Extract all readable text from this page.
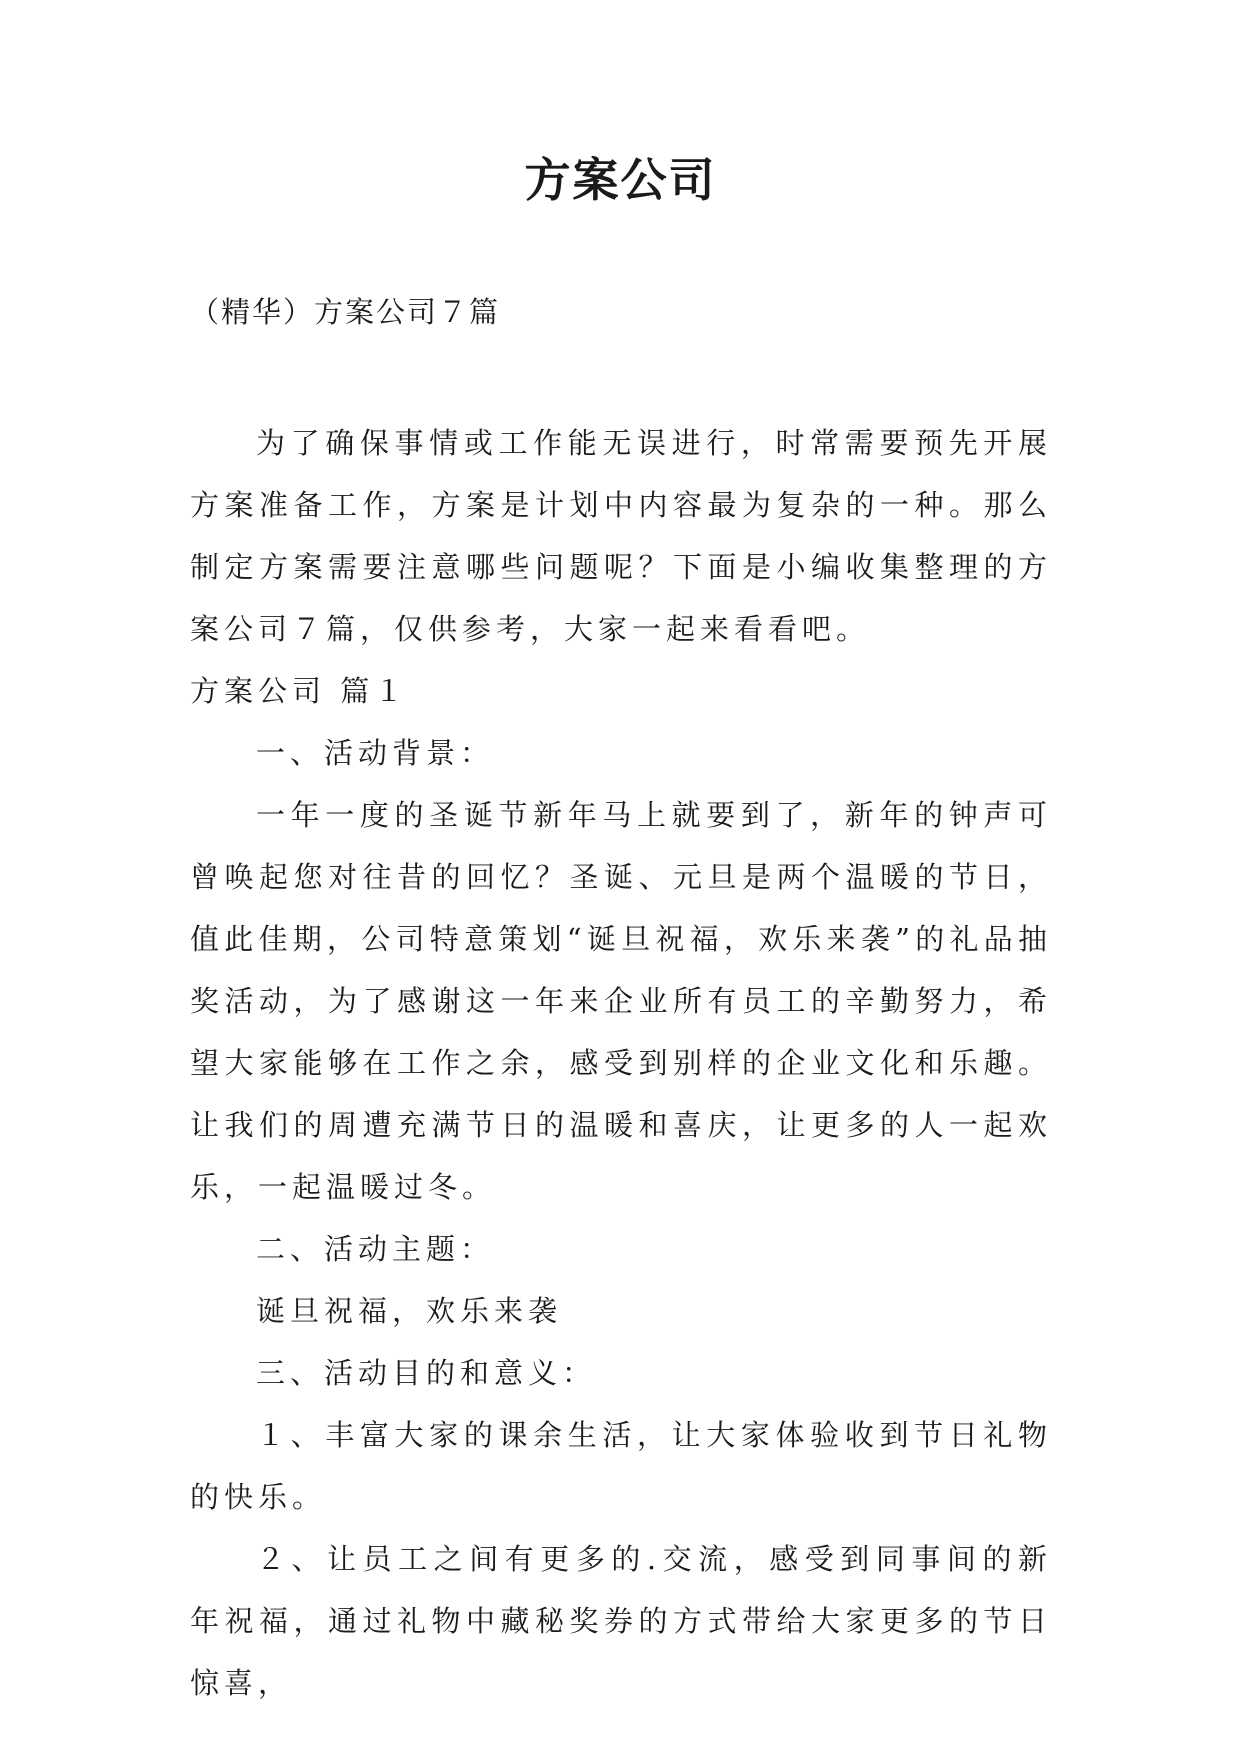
方案公司
（精华）方案公司７篇

为了确保事情或工作能无误进行，时常需要预先开展方案准备工作，方案是计划中内容最为复杂的一种。那么制定方案需要注意哪些问题呢？下面是小编收集整理的方案公司７篇，仅供参考，大家一起来看看吧。

方案公司 篇１

一、活动背景：

一年一度的圣诞节新年马上就要到了，新年的钟声可曾唤起您对往昔的回忆？圣诞、元旦是两个温暖的节日，值此佳期，公司特意策划“诞旦祝福，欢乐来袭”的礼品抽奖活动，为了感谢这一年来企业所有员工的辛勤努力，希望大家能够在工作之余，感受到别样的企业文化和乐趣。让我们的周遭充满节日的温暖和喜庆，让更多的人一起欢乐，一起温暖过冬。

二、活动主题：

诞旦祝福，欢乐来袭

三、活动目的和意义：

１、丰富大家的课余生活，让大家体验收到节日礼物的快乐。

２、让员工之间有更多的.交流，感受到同事间的新年祝福，通过礼物中藏秘奖券的方式带给大家更多的节日惊喜，
